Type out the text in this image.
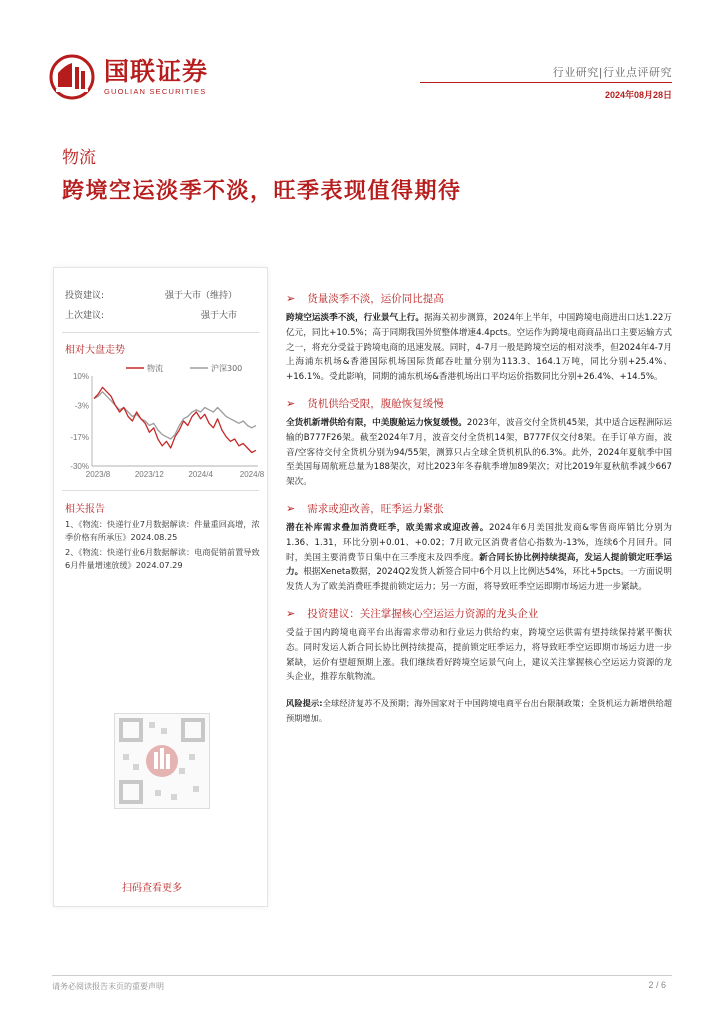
国联证券
GUOLIAN SECURITIES
行业研究|行业点评研究
2024年08月28日
物流
跨境空运淡季不淡，旺季表现值得期待
投资建议:	强于大市（维持）
上次建议:	强于大市
相对大盘走势
10%
-3%
-17%
-30%
2023/8	2023/12	2024/4	2024/8
物流	沪深300
相关报告

1、《物流：快递行业7月数据解读：件量重回高增，浓季价格有所承压》2024.08.25

2、《物流：快递行业6月数据解读：电商促销前置导致6月件量增速放缓》2024.07.29

扫码查看更多
➢ 货量淡季不淡，运价同比提高

跨境空运淡季不淡，行业景气上行。据海关初步测算，2024年上半年，中国跨境电商进出口达1.22万亿元，同比+10.5%；高于同期我国外贸整体增速4.4pcts。空运作为跨境电商商品出口主要运输方式之一，将充分受益于跨境电商的迅速发展。同时，4-7月一般是跨境空运的相对淡季，但2024年4-7月上海浦东机场&香港国际机场国际货邮吞吐量分别为113.3、164.1万吨，同比分别+25.4%、+16.1%。受此影响，同期的浦东机场&香港机场出口平均运价指数同比分别+26.4%、+14.5%。

➢ 货机供给受限，腹舱恢复缓慢

全货机新增供给有限，中美腹舱运力恢复缓慢。2023年，波音交付全货机45架，其中适合远程洲际运输的B777F26架。截至2024年7月，波音交付全货机14架，B777F仅交付8架。在手订单方面，波音/空客待交付全货机分别为94/55架，测算只占全球全货机机队的6.3%。此外，2024年夏航季中国至美国每周航班总量为188架次，对比2023年冬春航季增加89架次；对比2019年夏秋航季减少667架次。

➢ 需求或迎改善，旺季运力紧张

潜在补库需求叠加消费旺季，欧美需求或迎改善。2024年6月美国批发商&零售商库销比分别为1.36、1.31，环比分别+0.01、+0.02；7月欧元区消费者信心指数为-13%，连续6个月回升。同时，美国主要消费节日集中在三季度末及四季度。新合同长协比例持续提高，发运人提前锁定旺季运力。根据Xeneta数据，2024Q2发货人新签合同中6个月以上比例达54%，环比+5pcts。一方面说明发货人为了欧美消费旺季提前锁定运力；另一方面，将导致旺季空运即期市场运力进一步紧缺。

➢ 投资建议：关注掌握核心空运运力资源的龙头企业

受益于国内跨境电商平台出海需求带动和行业运力供给约束，跨境空运供需有望持续保持紧平衡状态。同时发运人新合同长协比例持续提高，提前锁定旺季运力，将导致旺季空运即期市场运力进一步紧缺，运价有望超预期上涨。我们继续看好跨境空运景气向上，建议关注掌握核心空运运力资源的龙头企业，推荐东航物流。

风险提示:全球经济复苏不及预期；海外国家对于中国跨境电商平台出台限制政策；全货机运力新增供给超预期增加。

请务必阅读报告末页的重要声明	2 / 6
